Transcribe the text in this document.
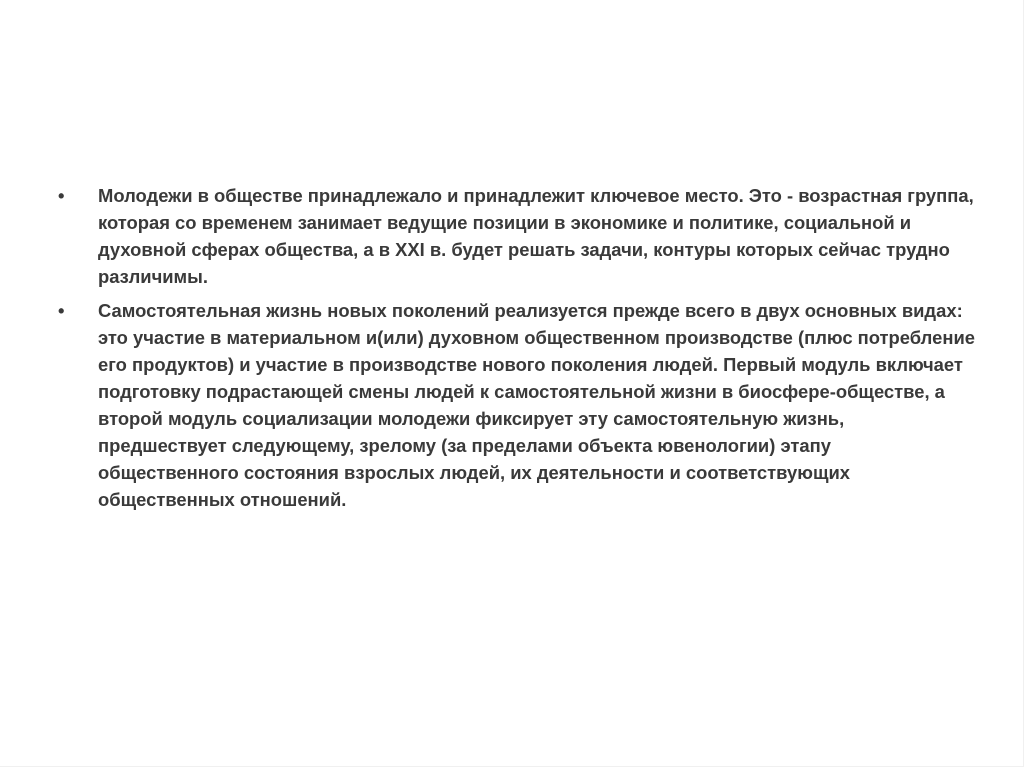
•	Молодежи в обществе принадлежало и принадлежит ключевое место. Это - возрастная группа, которая со временем занимает ведущие позиции в экономике и политике, социальной и духовной сферах общества, а в XXI в. будет решать задачи, контуры которых сейчас трудно различимы.
•	Самостоятельная жизнь новых поколений реализуется прежде всего в двух основных видах: это участие в материальном и(или) духовном общественном производстве (плюс потребление его продуктов) и участие в производстве нового поколения людей. Первый модуль включает подготовку подрастающей смены людей к самостоятельной жизни в биосфере-обществе, а второй модуль социализации молодежи фиксирует эту самостоятельную жизнь, предшествует следующему, зрелому (за пределами объекта ювенологии) этапу общественного состояния взрослых людей, их деятельности и соответствующих общественных отношений.
